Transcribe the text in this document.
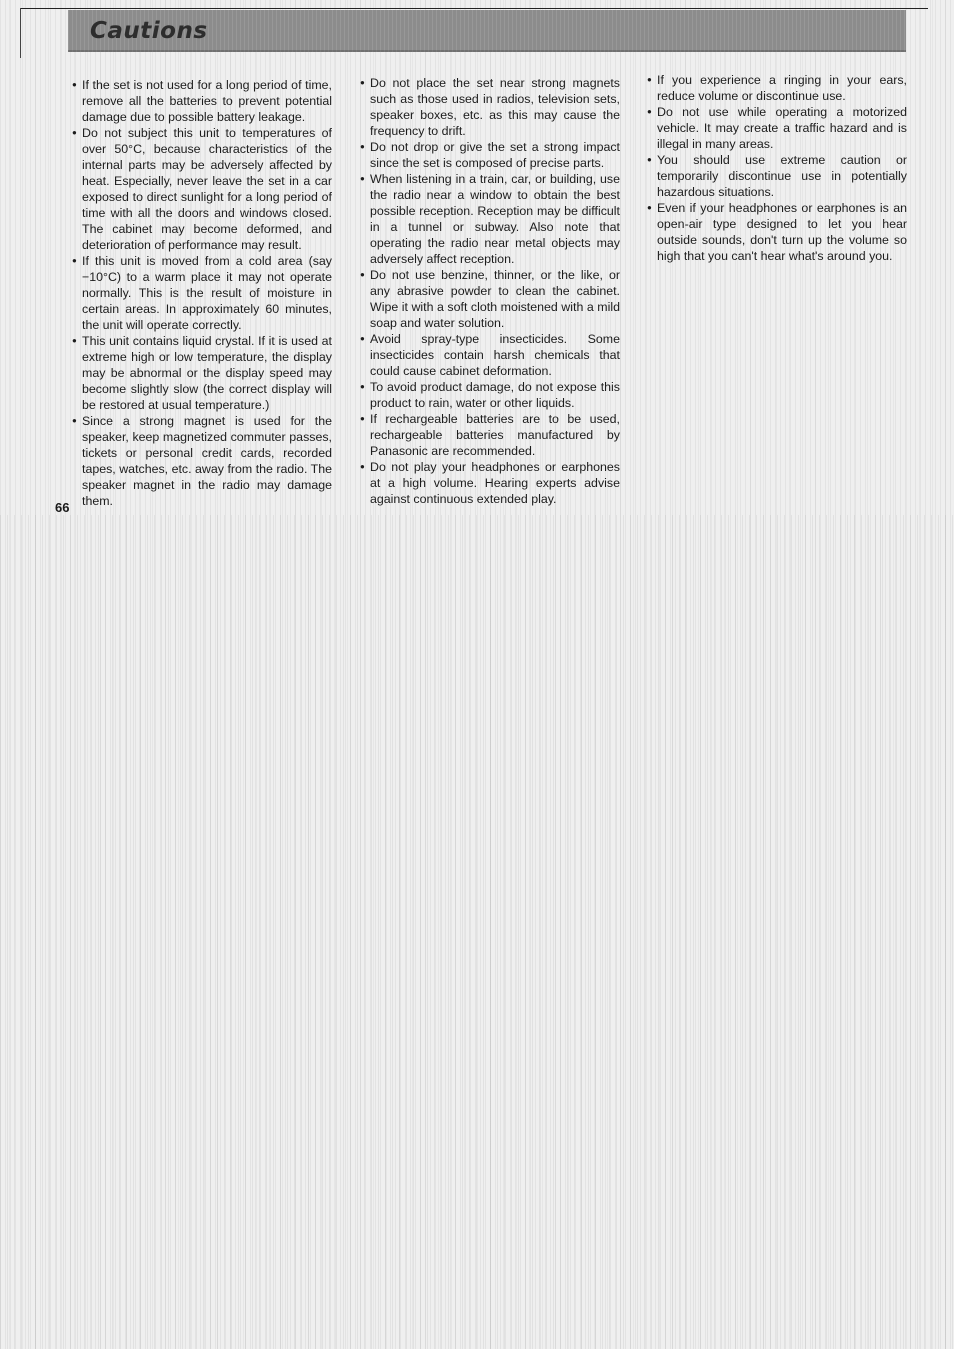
Cautions

● If the set is not used for a long period of time, remove all the batteries to prevent potential damage due to possible battery leakage.

● Do not subject this unit to temperatures of over 50°C, because characteristics of the internal parts may be adversely affected by heat. Especially, never leave the set in a car exposed to direct sunlight for a long period of time with all the doors and windows closed. The cabinet may become deformed, and deterioration of performance may result.

● If this unit is moved from a cold area (say −10°C) to a warm place it may not operate normally. This is the result of moisture in certain areas. In approximately 60 minutes, the unit will operate correctly.

● This unit contains liquid crystal. If it is used at extreme high or low temperature, the display may be abnormal or the display speed may become slightly slow (the correct display will be restored at usual temperature.)

● Since a strong magnet is used for the speaker, keep magnetized commuter passes, tickets or personal credit cards, recorded tapes, watches, etc. away from the radio. The speaker magnet in the radio may damage them.

● Do not place the set near strong magnets such as those used in radios, television sets, speaker boxes, etc. as this may cause the frequency to drift.

● Do not drop or give the set a strong impact since the set is composed of precise parts.

● When listening in a train, car, or building, use the radio near a window to obtain the best possible reception. Reception may be difficult in a tunnel or subway. Also note that operating the radio near metal objects may adversely affect reception.

● Do not use benzine, thinner, or the like, or any abrasive powder to clean the cabinet. Wipe it with a soft cloth moistened with a mild soap and water solution.

● Avoid spray-type insecticides. Some insecticides contain harsh chemicals that could cause cabinet deformation.

● To avoid product damage, do not expose this product to rain, water or other liquids.

● If rechargeable batteries are to be used, rechargeable batteries manufactured by Panasonic are recommended.

● Do not play your headphones or earphones at a high volume. Hearing experts advise against continuous extended play.

● If you experience a ringing in your ears, reduce volume or discontinue use.

● Do not use while operating a motorized vehicle. It may create a traffic hazard and is illegal in many areas.

● You should use extreme caution or temporarily discontinue use in potentially hazardous situations.

● Even if your headphones or earphones is an open-air type designed to let you hear outside sounds, don't turn up the volume so high that you can't hear what's around you.

66
